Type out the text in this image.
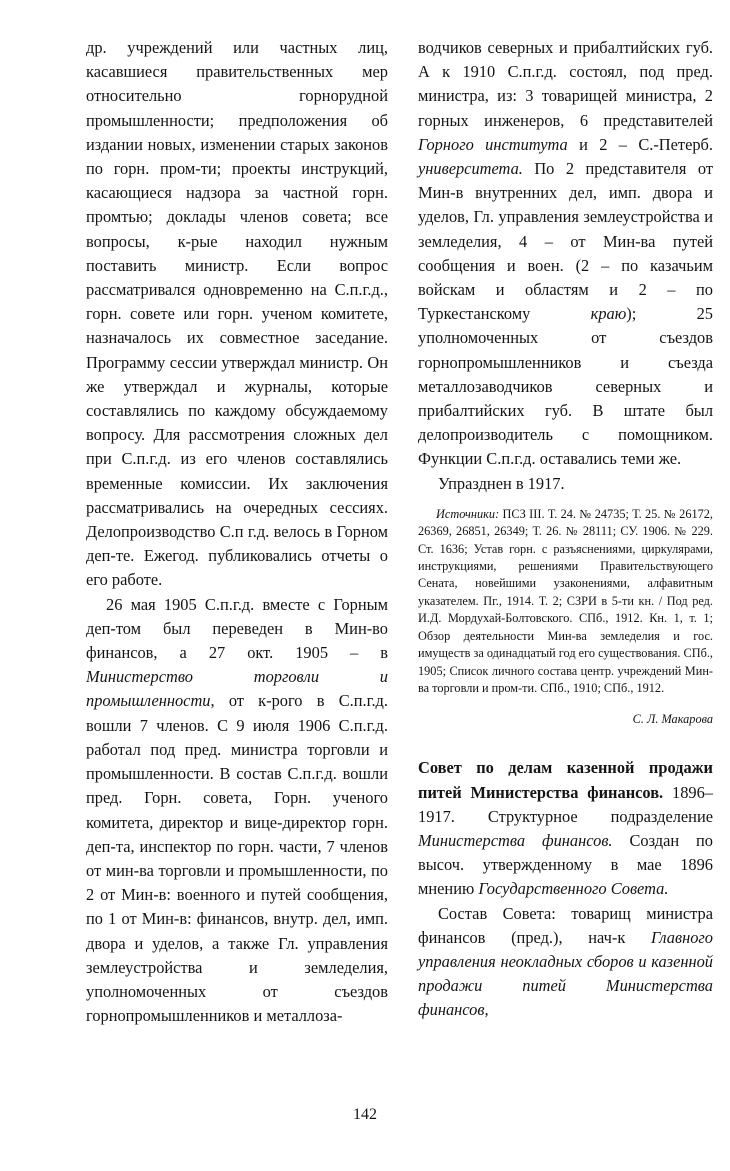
др. учреждений или частных лиц, касавшиеся правительственных мер относительно горнорудной промышленности; предположения об издании новых, изменении старых законов по горн. пром-ти; проекты инструкций, касающиеся надзора за частной горн. промтью; доклады членов совета; все вопросы, к-рые находил нужным поставить министр. Если вопрос рассматривался одновременно на С.п.г.д., горн. совете или горн. ученом комитете, назначалось их совместное заседание. Программу сессии утверждал министр. Он же утверждал и журналы, которые составлялись по каждому обсуждаемому вопросу. Для рассмотрения сложных дел при С.п.г.д. из его членов составлялись временные комиссии. Их заключения рассматривались на очередных сессиях. Делопроизводство С.п г.д. велось в Горном деп-те. Ежегод. публиковались отчеты о его работе.

26 мая 1905 С.п.г.д. вместе с Горным деп-том был переведен в Мин-во финансов, а 27 окт. 1905 – в Министерство торговли и промышленности, от к-рого в С.п.г.д. вошли 7 членов. С 9 июля 1906 С.п.г.д. работал под пред. министра торговли и промышленности. В состав С.п.г.д. вошли пред. Горн. совета, Горн. ученого комитета, директор и вице-директор горн. деп-та, инспектор по горн. части, 7 членов от мин-ва торговли и промышленности, по 2 от Мин-в: военного и путей сообщения, по 1 от Мин-в: финансов, внутр. дел, имп. двора и уделов, а также Гл. управления землеустройства и земледелия, уполномоченных от съездов горнопромышленников и металлоза-

водчиков северных и прибалтийских губ. А к 1910 С.п.г.д. состоял, под пред. министра, из: 3 товарищей министра, 2 горных инженеров, 6 представителей Горного института и 2 – С.-Петерб. университета. По 2 представителя от Мин-в внутренних дел, имп. двора и уделов, Гл. управления землеустройства и земледелия, 4 – от Мин-ва путей сообщения и воен. (2 – по казачьим войскам и областям и 2 – по Туркестанскому краю); 25 уполномоченных от съездов горнопромышленников и съезда металлозаводчиков северных и прибалтийских губ. В штате был делопроизводитель с помощником. Функции С.п.г.д. оставались теми же.

Упразднен в 1917.

Источники: ПСЗ III. Т. 24. № 24735; Т. 25. № 26172, 26369, 26851, 26349; Т. 26. № 28111; СУ. 1906. № 229. Ст. 1636; Устав горн. с разъяснениями, циркулярами, инструкциями, решениями Правительствующего Сената, новейшими узаконениями, алфавитным указателем. Пг., 1914. Т. 2; СЗРИ в 5-ти кн. / Под ред. И.Д. Мордухай-Болтовского. СПб., 1912. Кн. 1, т. 1; Обзор деятельности Мин-ва земледелия и гос. имуществ за одинадцатый год его существования. СПб., 1905; Список личного состава центр. учреждений Мин-ва торговли и пром-ти. СПб., 1910; СПб., 1912.

С. Л. Макарова

Совет по делам казенной продажи питей Министерства финансов. 1896–1917. Структурное подразделение Министерства финансов. Создан по высоч. утвержденному в мае 1896 мнению Государственного Совета.

Состав Совета: товарищ министра финансов (пред.), нач-к Главного управления неокладных сборов и казенной продажи питей Министерства финансов,

142
